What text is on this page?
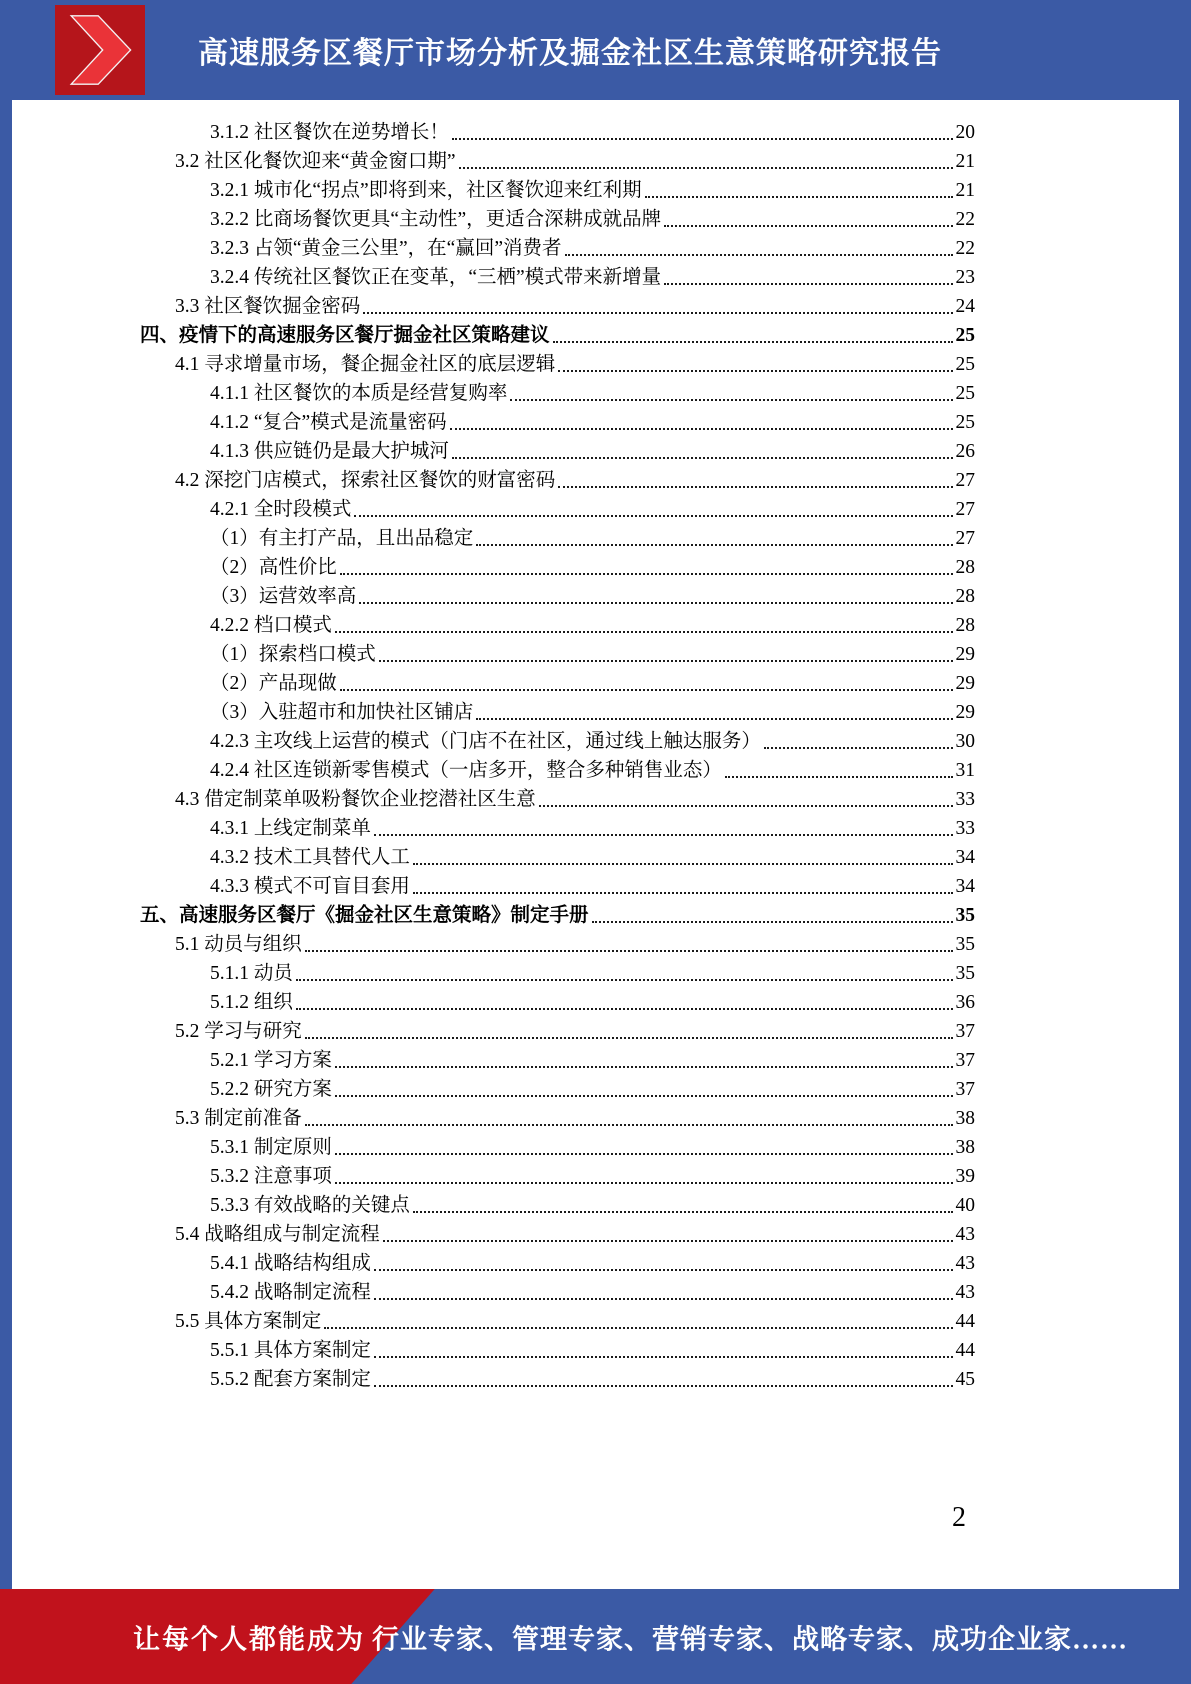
高速服务区餐厅市场分析及掘金社区生意策略研究报告
3.1.2 社区餐饮在逆势增长！	20
3.2 社区化餐饮迎来“黄金窗口期”	21
3.2.1 城市化“拐点”即将到来，社区餐饮迎来红利期	21
3.2.2 比商场餐饮更具“主动性”，更适合深耕成就品牌	22
3.2.3 占领“黄金三公里”，在“赢回”消费者	22
3.2.4 传统社区餐饮正在变革，“三栖”模式带来新增量	23
3.3 社区餐饮掘金密码	24
四、疫情下的高速服务区餐厅掘金社区策略建议	25
4.1 寻求增量市场，餐企掘金社区的底层逻辑	25
4.1.1 社区餐饮的本质是经营复购率	25
4.1.2 “复合”模式是流量密码	25
4.1.3 供应链仍是最大护城河	26
4.2 深挖门店模式，探索社区餐饮的财富密码	27
4.2.1 全时段模式	27
（1）有主打产品，且出品稳定	27
（2）高性价比	28
（3）运营效率高	28
4.2.2 档口模式	28
（1）探索档口模式	29
（2）产品现做	29
（3）入驻超市和加快社区铺店	29
4.2.3 主攻线上运营的模式（门店不在社区，通过线上触达服务）	30
4.2.4 社区连锁新零售模式（一店多开，整合多种销售业态）	31
4.3 借定制菜单吸粉餐饮企业挖潜社区生意	33
4.3.1 上线定制菜单	33
4.3.2 技术工具替代人工	34
4.3.3 模式不可盲目套用	34
五、高速服务区餐厅《掘金社区生意策略》制定手册	35
5.1 动员与组织	35
5.1.1 动员	35
5.1.2 组织	36
5.2 学习与研究	37
5.2.1 学习方案	37
5.2.2 研究方案	37
5.3 制定前准备	38
5.3.1 制定原则	38
5.3.2 注意事项	39
5.3.3 有效战略的关键点	40
5.4 战略组成与制定流程	43
5.4.1 战略结构组成	43
5.4.2 战略制定流程	43
5.5 具体方案制定	44
5.5.1 具体方案制定	44
5.5.2 配套方案制定	45
2
让每个人都能成为 行业专家、管理专家、营销专家、战略专家、成功企业家……
